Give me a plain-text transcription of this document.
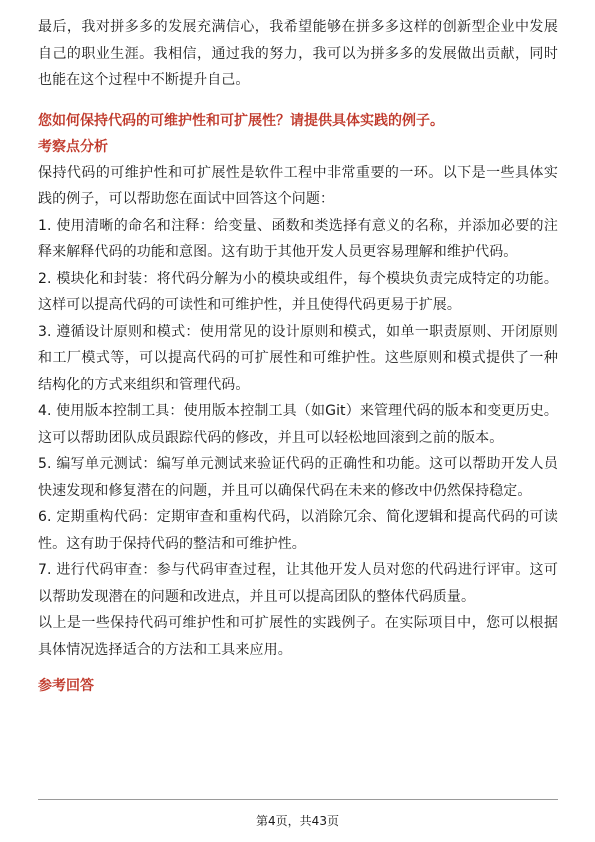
最后，我对拼多多的发展充满信心，我希望能够在拼多多这样的创新型企业中发展自己的职业生涯。我相信，通过我的努力，我可以为拼多多的发展做出贡献，同时也能在这个过程中不断提升自己。

您如何保持代码的可维护性和可扩展性？请提供具体实践的例子。

考察点分析

保持代码的可维护性和可扩展性是软件工程中非常重要的一环。以下是一些具体实践的例子，可以帮助您在面试中回答这个问题：

1. 使用清晰的命名和注释：给变量、函数和类选择有意义的名称，并添加必要的注释来解释代码的功能和意图。这有助于其他开发人员更容易理解和维护代码。

2. 模块化和封装：将代码分解为小的模块或组件，每个模块负责完成特定的功能。这样可以提高代码的可读性和可维护性，并且使得代码更易于扩展。

3. 遵循设计原则和模式：使用常见的设计原则和模式，如单一职责原则、开闭原则和工厂模式等，可以提高代码的可扩展性和可维护性。这些原则和模式提供了一种结构化的方式来组织和管理代码。

4. 使用版本控制工具：使用版本控制工具（如Git）来管理代码的版本和变更历史。这可以帮助团队成员跟踪代码的修改，并且可以轻松地回滚到之前的版本。

5. 编写单元测试：编写单元测试来验证代码的正确性和功能。这可以帮助开发人员快速发现和修复潜在的问题，并且可以确保代码在未来的修改中仍然保持稳定。

6. 定期重构代码：定期审查和重构代码，以消除冗余、简化逻辑和提高代码的可读性。这有助于保持代码的整洁和可维护性。

7. 进行代码审查：参与代码审查过程，让其他开发人员对您的代码进行评审。这可以帮助发现潜在的问题和改进点，并且可以提高团队的整体代码质量。

以上是一些保持代码可维护性和可扩展性的实践例子。在实际项目中，您可以根据具体情况选择适合的方法和工具来应用。

参考回答

第4页，共43页
